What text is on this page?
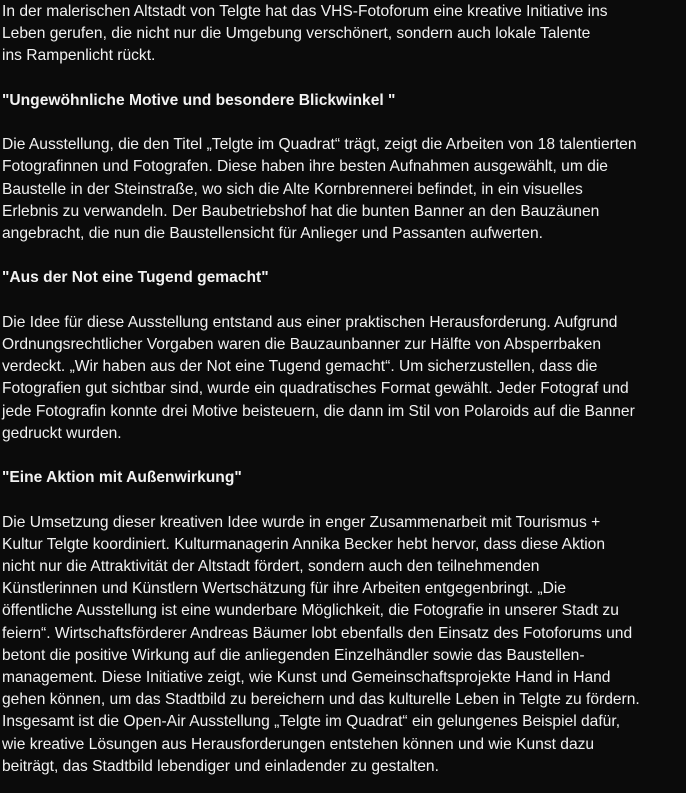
In der malerischen Altstadt von Telgte hat das VHS-Fotoforum eine kreative Initiative ins
Leben gerufen, die nicht nur die Umgebung verschönert, sondern auch lokale Talente
ins Rampenlicht rückt.

"Ungewöhnliche Motive und besondere Blickwinkel "

Die Ausstellung, die den Titel „Telgte im Quadrat“ trägt, zeigt die Arbeiten von 18 talentierten
Fotografinnen und Fotografen. Diese haben ihre besten Aufnahmen ausgewählt, um die
Baustelle in der Steinstraße, wo sich die Alte Kornbrennerei befindet, in ein visuelles
Erlebnis zu verwandeln. Der Baubetriebshof hat die bunten Banner an den Bauzäunen
angebracht, die nun die Baustellensicht für Anlieger und Passanten aufwerten.

"Aus der Not eine Tugend gemacht"

Die Idee für diese Ausstellung entstand aus einer praktischen Herausforderung. Aufgrund
Ordnungsrechtlicher Vorgaben waren die Bauzaunbanner zur Hälfte von Absperrbaken
verdeckt. „Wir haben aus der Not eine Tugend gemacht“. Um sicherzustellen, dass die
Fotografien gut sichtbar sind, wurde ein quadratisches Format gewählt. Jeder Fotograf und
jede Fotografin konnte drei Motive beisteuern, die dann im Stil von Polaroids auf die Banner
gedruckt wurden.

"Eine Aktion mit Außenwirkung"

Die Umsetzung dieser kreativen Idee wurde in enger Zusammenarbeit mit Tourismus +
Kultur Telgte koordiniert. Kulturmanagerin Annika Becker hebt hervor, dass diese Aktion
nicht nur die Attraktivität der Altstadt fördert, sondern auch den teilnehmenden
Künstlerinnen und Künstlern Wertschätzung für ihre Arbeiten entgegenbringt. „Die
öffentliche Ausstellung ist eine wunderbare Möglichkeit, die Fotografie in unserer Stadt zu
feiern“. Wirtschaftsförderer Andreas Bäumer lobt ebenfalls den Einsatz des Fotoforums und
betont die positive Wirkung auf die anliegenden Einzelhändler sowie das Baustellen-
management. Diese Initiative zeigt, wie Kunst und Gemeinschaftsprojekte Hand in Hand
gehen können, um das Stadtbild zu bereichern und das kulturelle Leben in Telgte zu fördern.
Insgesamt ist die Open-Air Ausstellung „Telgte im Quadrat“ ein gelungenes Beispiel dafür,
wie kreative Lösungen aus Herausforderungen entstehen können und wie Kunst dazu
beiträgt, das Stadtbild lebendiger und einladender zu gestalten.
